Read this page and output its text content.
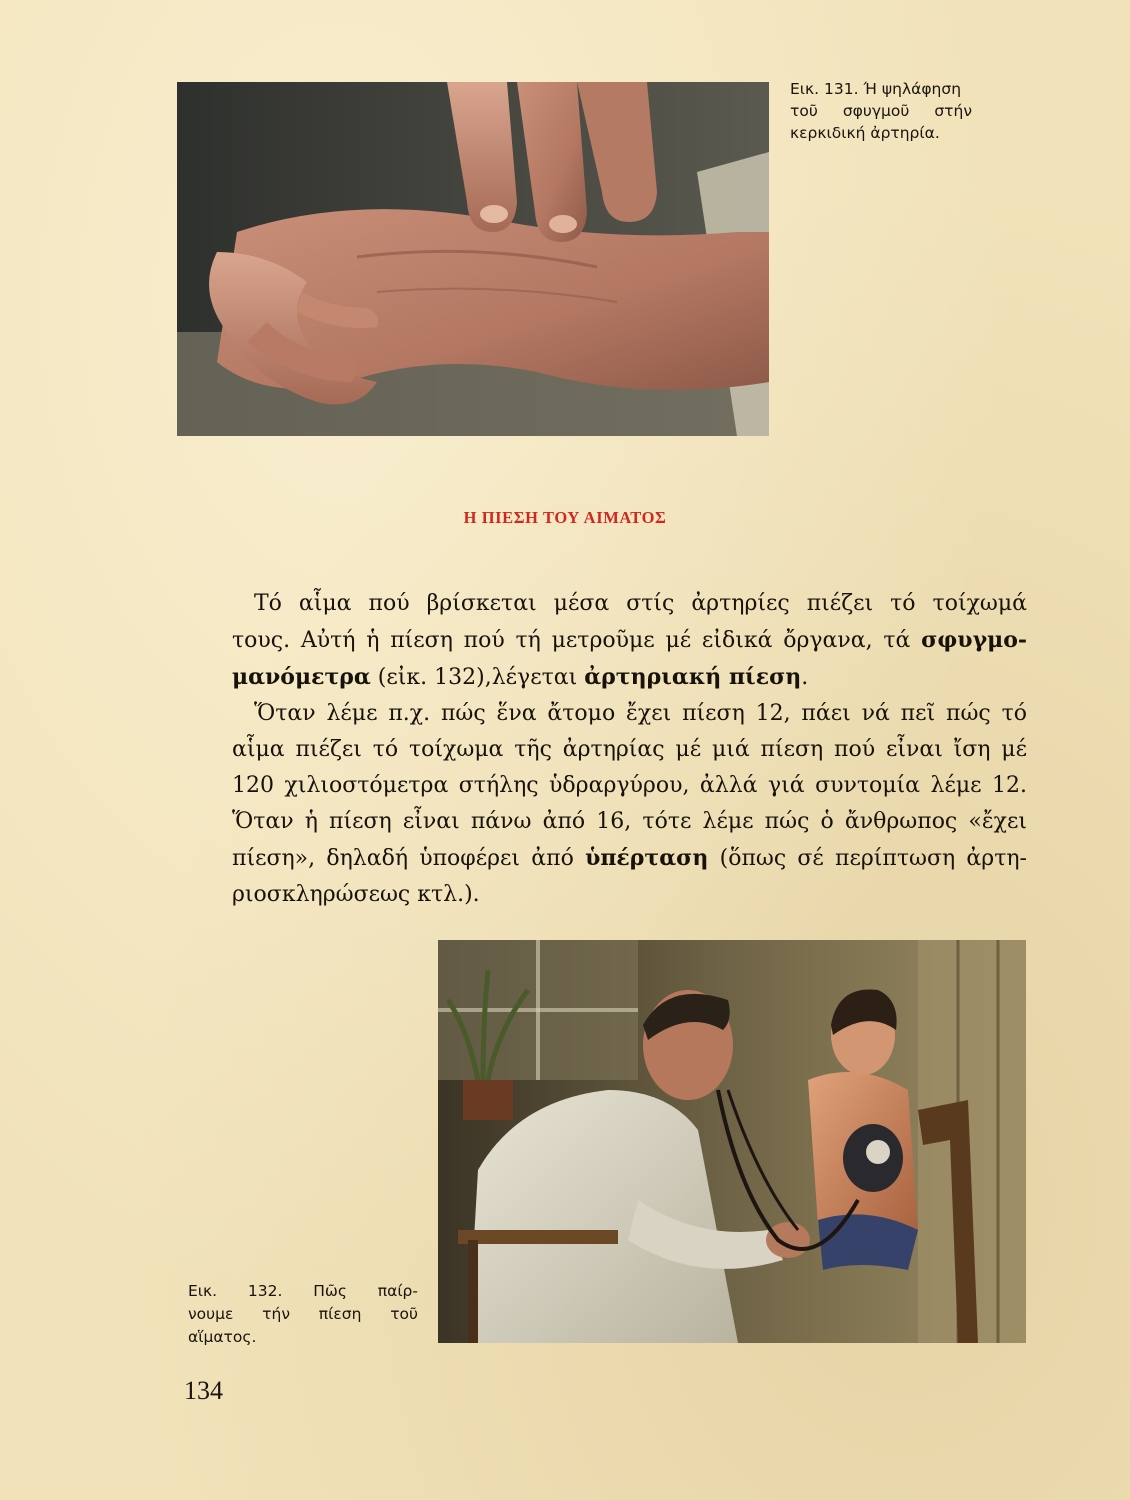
Εικ. 131. Ή ψηλάφηση
τοῦ σφυγμοῦ στήν
κερκιδική ἀρτηρία.
Η ΠΙΕΣΗ ΤΟΥ ΑΙΜΑΤΟΣ
Τό αἷμα πού βρίσκεται μέσα στίς ἀρτηρίες πιέζει τό τοίχωμά
τους. Αὐτή ἡ πίεση πού τή μετροῦμε μέ εἰδικά ὄργανα, τά σφυγμο-
μανόμετρα (εἰκ. 132),λέγεται ἀρτηριακή πίεση.
Ὅταν λέμε π.χ. πώς ἕνα ἄτομο ἔχει πίεση 12, πάει νά πεῖ πώς τό
αἷμα πιέζει τό τοίχωμα τῆς ἀρτηρίας μέ μιά πίεση πού εἶναι ἴση μέ
120 χιλιοστόμετρα στήλης ὑδραργύρου, ἀλλά γιά συντομία λέμε 12.
Ὅταν ἡ πίεση εἶναι πάνω ἀπό 16, τότε λέμε πώς ὁ ἄνθρωπος «ἔχει
πίεση», δηλαδή ὑποφέρει ἀπό ὑπέρταση (ὅπως σέ περίπτωση ἀρτη-
ριοσκληρώσεως κτλ.).
Εικ. 132. Πῶς παίρ-
νουμε τήν πίεση τοῦ
αἵματος.
134
